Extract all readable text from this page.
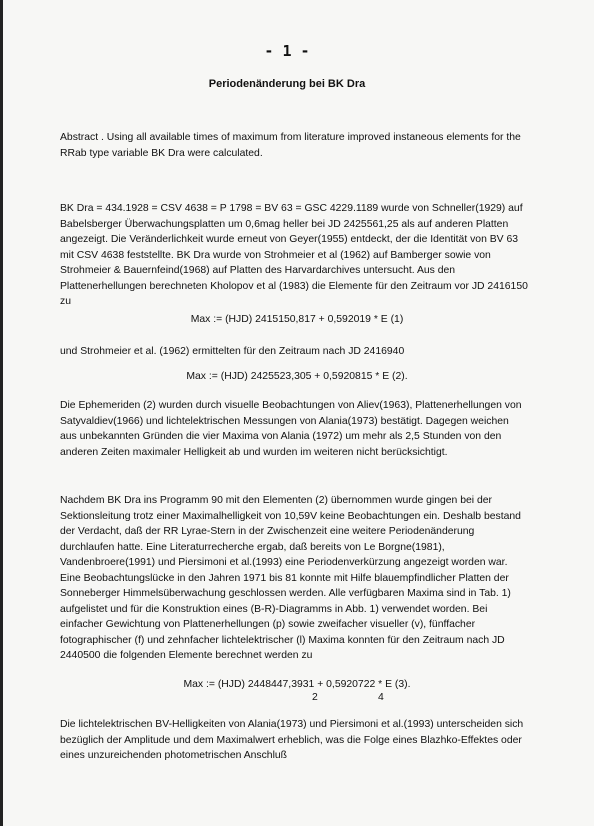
- 1 -
Periodenänderung bei BK Dra

Abstract . Using all available times of maximum from literature improved instaneous elements for the RRab type variable BK Dra were calculated.

BK Dra = 434.1928 = CSV 4638 = P 1798 = BV 63 = GSC 4229.1189 wurde von Schneller(1929) auf Babelsberger Überwachungsplatten um 0,6mag heller bei JD 2425561,25 als auf anderen Platten angezeigt. Die Veränderlichkeit wurde erneut von Geyer(1955) entdeckt, der die Identität von BV 63 mit CSV 4638 feststellte. BK Dra wurde von Strohmeier et al (1962) auf Bamberger sowie von Strohmeier & Bauernfeind(1968) auf Platten des Harvardarchives untersucht. Aus den Plattenerhellungen berechneten Kholopov et al (1983) die Elemente für den Zeitraum vor JD 2416150 zu

Max := (HJD) 2415150,817 + 0,592019 * E (1)

und Strohmeier et al. (1962) ermittelten für den Zeitraum nach JD 2416940

Max := (HJD) 2425523,305 + 0,5920815 * E (2).

Die Ephemeriden (2) wurden durch visuelle Beobachtungen von Aliev(1963), Plattenerhellungen von Satyvaldiev(1966) und lichtelektrischen Messungen von Alania(1973) bestätigt. Dagegen weichen aus unbekannten Gründen die vier Maxima von Alania (1972) um mehr als 2,5 Stunden von den anderen Zeiten maximaler Helligkeit ab und wurden im weiteren nicht berücksichtigt.

Nachdem BK Dra ins Programm 90 mit den Elementen (2) übernommen wurde gingen bei der Sektionsleitung trotz einer Maximalhelligkeit von 10,59V keine Beobachtungen ein. Deshalb bestand der Verdacht, daß der RR Lyrae-Stern in der Zwischenzeit eine weitere Periodenänderung durchlaufen hatte. Eine Literaturrecherche ergab, daß bereits von Le Borgne(1981), Vandenbroere(1991) und Piersimoni et al.(1993) eine Periodenverkürzung angezeigt worden war. Eine Beobachtungslücke in den Jahren 1971 bis 81 konnte mit Hilfe blauempfindlicher Platten der Sonneberger Himmelsüberwachung geschlossen werden. Alle verfügbaren Maxima sind in Tab. 1) aufgelistet und für die Konstruktion eines (B-R)-Diagramms in Abb. 1) verwendet worden. Bei einfacher Gewichtung von Plattenerhellungen (p) sowie zweifacher visueller (v), fünffacher fotographischer (f) und zehnfacher lichtelektrischer (l) Maxima konnten für den Zeitraum nach JD 2440500 die folgenden Elemente berechnet werden zu

Max := (HJD) 2448447,3931 + 0,5920722 * E (3).
2	4

Die lichtelektrischen BV-Helligkeiten von Alania(1973) und Piersimoni et al.(1993) unterscheiden sich bezüglich der Amplitude und dem Maximalwert erheblich, was die Folge eines Blazhko-Effektes oder eines unzureichenden photometrischen Anschluß
